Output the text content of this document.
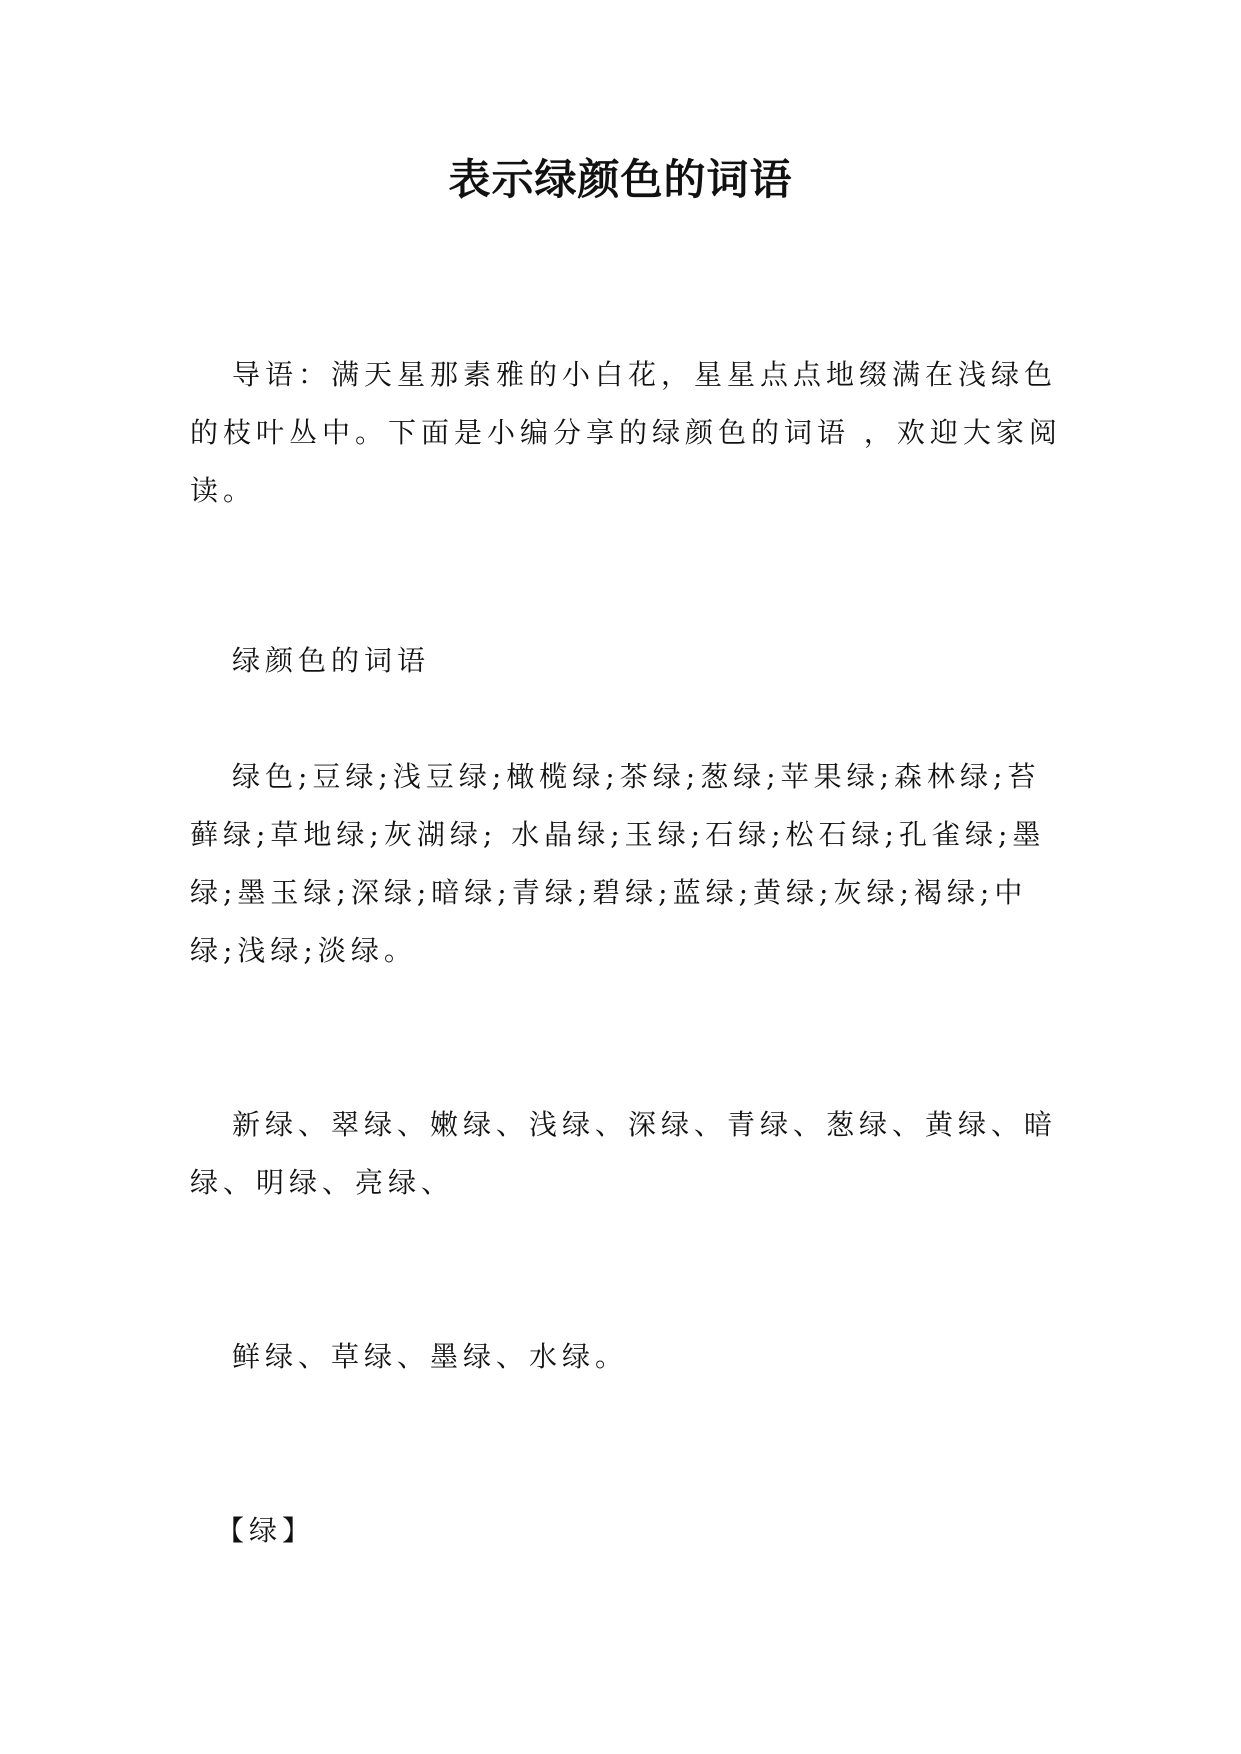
表示绿颜色的词语

导语：满天星那素雅的小白花，星星点点地缀满在浅绿色的枝叶丛中。下面是小编分享的绿颜色的词语 ，欢迎大家阅读。

绿颜色的词语

绿色;豆绿;浅豆绿;橄榄绿;茶绿;葱绿;苹果绿;森林绿;苔藓绿;草地绿;灰湖绿; 水晶绿;玉绿;石绿;松石绿;孔雀绿;墨绿;墨玉绿;深绿;暗绿;青绿;碧绿;蓝绿;黄绿;灰绿;褐绿;中绿;浅绿;淡绿。

新绿、翠绿、嫩绿、浅绿、深绿、青绿、葱绿、黄绿、暗绿、明绿、亮绿、

鲜绿、草绿、墨绿、水绿。

【绿】
